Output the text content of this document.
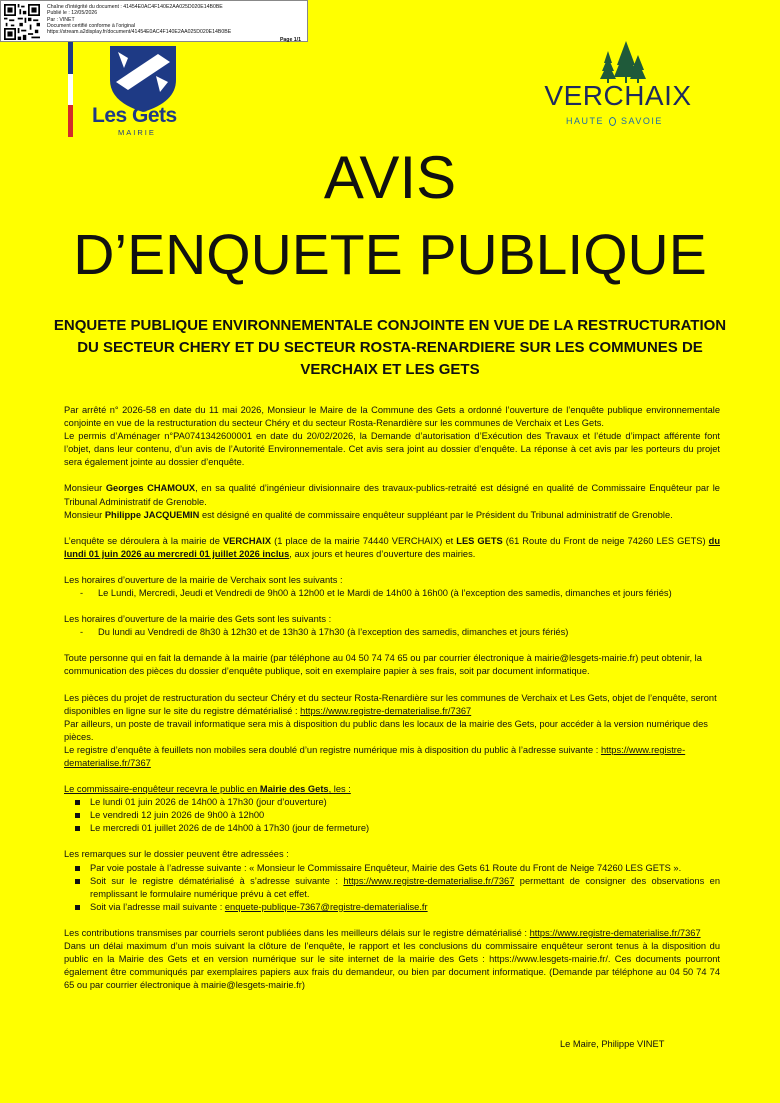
Chaîne d'intégrité du document : 41454E0AC4F140E2AA025D020E14B0BE
Publié le : 12/05/2026
Par : VINET
Document certifié conforme à l'original
https://stream.a2display.fr/document/41454E0AC4F140E2AA025D020E14B0BE
Page 1/1
Les Gets
MAIRIE
VERCHAIX
HAUTE SAVOIE
AVIS
D’ENQUETE PUBLIQUE
ENQUETE PUBLIQUE ENVIRONNEMENTALE CONJOINTE EN VUE DE LA RESTRUCTURATION DU SECTEUR CHERY ET DU SECTEUR ROSTA-RENARDIERE SUR LES COMMUNES DE VERCHAIX ET LES GETS

Par arrêté n° 2026-58 en date du 11 mai 2026, Monsieur le Maire de la Commune des Gets a ordonné l’ouverture de l’enquête publique environnementale conjointe en vue de la restructuration du secteur Chéry et du secteur Rosta-Renardière sur les communes de Verchaix et Les Gets.
Le permis d’Aménager n°PA0741342600001 en date du 20/02/2026, la Demande d’autorisation d’Exécution des Travaux et l’étude d’impact afférente font l’objet, dans leur contenu, d’un avis de l’Autorité Environnementale. Cet avis sera joint au dossier d’enquête. La réponse à cet avis par les porteurs du projet sera également jointe au dossier d’enquête.

Monsieur Georges CHAMOUX, en sa qualité d’ingénieur divisionnaire des travaux-publics-retraité est désigné en qualité de Commissaire Enquêteur par le Tribunal Administratif de Grenoble.
Monsieur Philippe JACQUEMIN est désigné en qualité de commissaire enquêteur suppléant par le Président du Tribunal administratif de Grenoble.

L’enquête se déroulera à la mairie de VERCHAIX (1 place de la mairie 74440 VERCHAIX) et LES GETS (61 Route du Front de neige 74260 LES GETS) du lundi 01 juin 2026 au mercredi 01 juillet 2026 inclus, aux jours et heures d’ouverture des mairies.

Les horaires d’ouverture de la mairie de Verchaix sont les suivants :
- Le Lundi, Mercredi, Jeudi et Vendredi de 9h00 à 12h00 et le Mardi de 14h00 à 16h00 (à l’exception des samedis, dimanches et jours fériés)
Les horaires d’ouverture de la mairie des Gets sont les suivants :
- Du lundi au Vendredi de 8h30 à 12h30 et de 13h30 à 17h30 (à l’exception des samedis, dimanches et jours fériés)

Toute personne qui en fait la demande à la mairie (par téléphone au 04 50 74 74 65 ou par courrier électronique à mairie@lesgets-mairie.fr) peut obtenir, la communication des pièces du dossier d’enquête publique, soit en exemplaire papier à ses frais, soit par document informatique.

Les pièces du projet de restructuration du secteur Chéry et du secteur Rosta-Renardière sur les communes de Verchaix et Les Gets, objet de l’enquête, seront disponibles en ligne sur le site du registre dématérialisé : https://www.registre-dematerialise.fr/7367
Par ailleurs, un poste de travail informatique sera mis à disposition du public dans les locaux de la mairie des Gets, pour accéder à la version numérique des pièces.
Le registre d’enquête à feuillets non mobiles sera doublé d’un registre numérique mis à disposition du public à l’adresse suivante : https://www.registre-dematerialise.fr/7367

Le commissaire-enquêteur recevra le public en Mairie des Gets, les :
Le lundi 01 juin 2026 de 14h00 à 17h30 (jour d’ouverture)
Le vendredi 12 juin 2026 de 9h00 à 12h00
Le mercredi 01 juillet 2026 de de 14h00 à 17h30 (jour de fermeture)
Les remarques sur le dossier peuvent être adressées :
Par voie postale à l’adresse suivante : « Monsieur le Commissaire Enquêteur, Mairie des Gets 61 Route du Front de Neige 74260 LES GETS ».
Soit sur le registre dématérialisé à s’adresse suivante : https://www.registre-dematerialise.fr/7367 permettant de consigner des observations en remplissant le formulaire numérique prévu à cet effet.
Soit via l’adresse mail suivante : enquete-publique-7367@registre-dematerialise.fr

Les contributions transmises par courriels seront publiées dans les meilleurs délais sur le registre dématérialisé : https://www.registre-dematerialise.fr/7367
Dans un délai maximum d’un mois suivant la clôture de l’enquête, le rapport et les conclusions du commissaire enquêteur seront tenus à la disposition du public en la Mairie des Gets et en version numérique sur le site internet de la mairie des Gets : https://www.lesgets-mairie.fr/. Ces documents pourront également être communiqués par exemplaires papiers aux frais du demandeur, ou bien par document informatique. (Demande par téléphone au 04 50 74 74 65 ou par courrier électronique à mairie@lesgets-mairie.fr)

Le Maire, Philippe VINET
